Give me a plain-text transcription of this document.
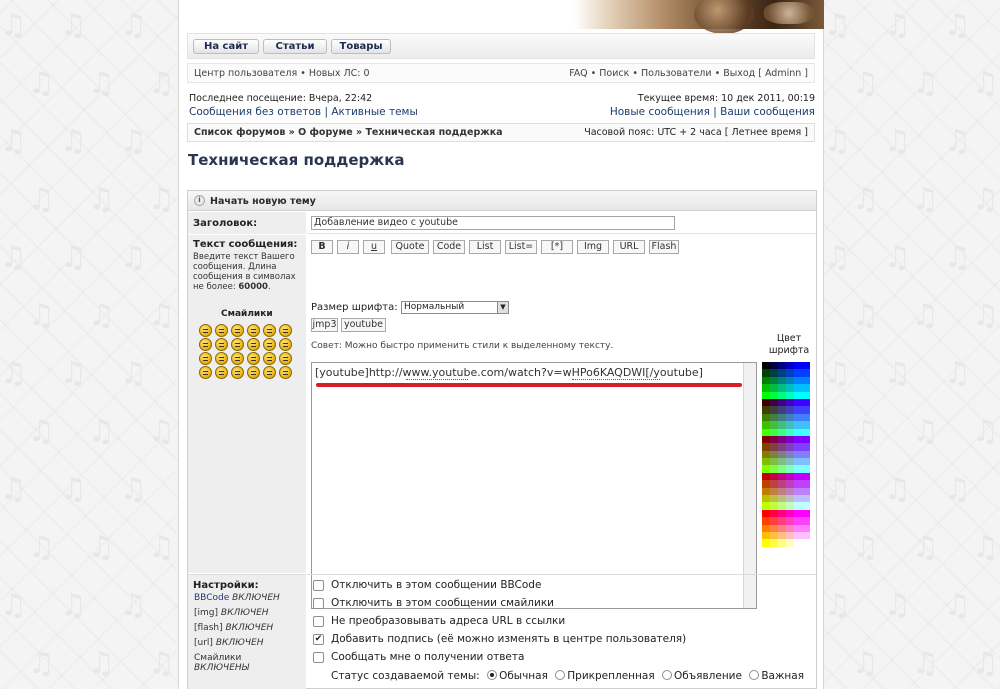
♫ ♫ ♫
♫ ♫ ♫
♫ ♫ ♫
♫ ♫ ♫
♫ ♫ ♫
♫ ♫ ♫
♫ ♫ ♫
♫ ♫ ♫
♫ ♫ ♫
♫ ♫ ♫
♫ ♫ ♫
♫ ♫ ♫
♫ ♫ ♫
♫ ♫ ♫
♫ ♫ ♫
♫ ♫ ♫
♫ ♫ ♫
♫ ♫ ♫
♫ ♫ ♫
♫ ♫ ♫
♫ ♫ ♫
♫ ♫ ♫
♫ ♫ ♫
♫ ♫ ♫
На сайт	Статьи	Товары
Центр пользователя • Новых ЛС: 0	FAQ • Поиск • Пользователи • Выход [ Adminn ]
Последнее посещение: Вчера, 22:42	Текущее время: 10 дек 2011, 00:19
Сообщения без ответов | Активные темы	Новые сообщения | Ваши сообщения
Список форумов » О форуме » Техническая поддержка	Часовой пояс: UTC + 2 часа [ Летнее время ]
Техническая поддержка
i Начать новую тему
Заголовок:	Добавление видео с youtube
Текст сообщения:
Введите текст Вашего сообщения. Длина сообщения в символах не более: 60000.
Смайлики
B	i	u	Quote	Code	List	List=	[*]	Img	URL	Flash
Размер шрифта: Нормальный	▼
jmp3 youtube
Совет: Можно быстро применить стили к выделенному тексту.
[youtube]http://www.youtube.com/watch?v=wHPo6KAQDWI[/youtube]
Цвет шрифта
Настройки:
BBCode ВКЛЮЧЕН
[img] ВКЛЮЧЕН
[flash] ВКЛЮЧЕН
[url] ВКЛЮЧЕН
Смайлики
ВКЛЮЧЕНЫ
Отключить в этом сообщении BBCode
Отключить в этом сообщении смайлики
Не преобразовывать адреса URL в ссылки
✔ Добавить подпись (её можно изменять в центре пользователя)
Сообщать мне о получении ответа
Статус создаваемой темы: Обычная Прикрепленная Объявление Важная
